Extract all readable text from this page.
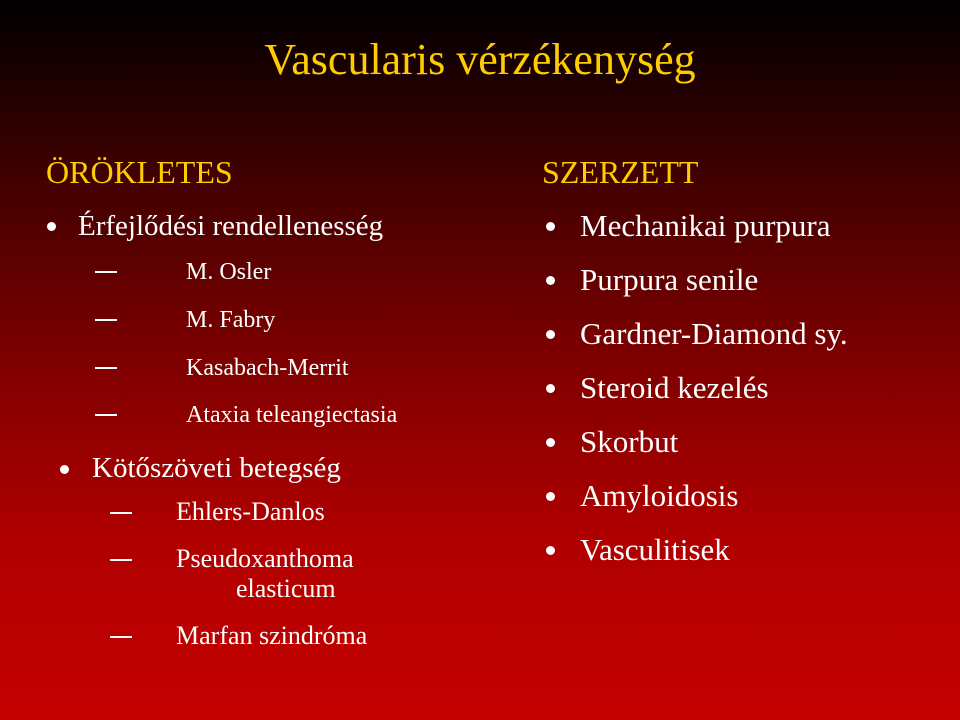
Vascularis vérzékenység
ÖRÖKLETES
Érfejlődési rendellenesség
M. Osler
M. Fabry
Kasabach-Merrit
Ataxia teleangiectasia
Kötőszöveti betegség
Ehlers-Danlos
Pseudoxanthoma
elasticum
Marfan szindróma
SZERZETT
Mechanikai purpura
Purpura senile
Gardner-Diamond sy.
Steroid kezelés
Skorbut
Amyloidosis
Vasculitisek
